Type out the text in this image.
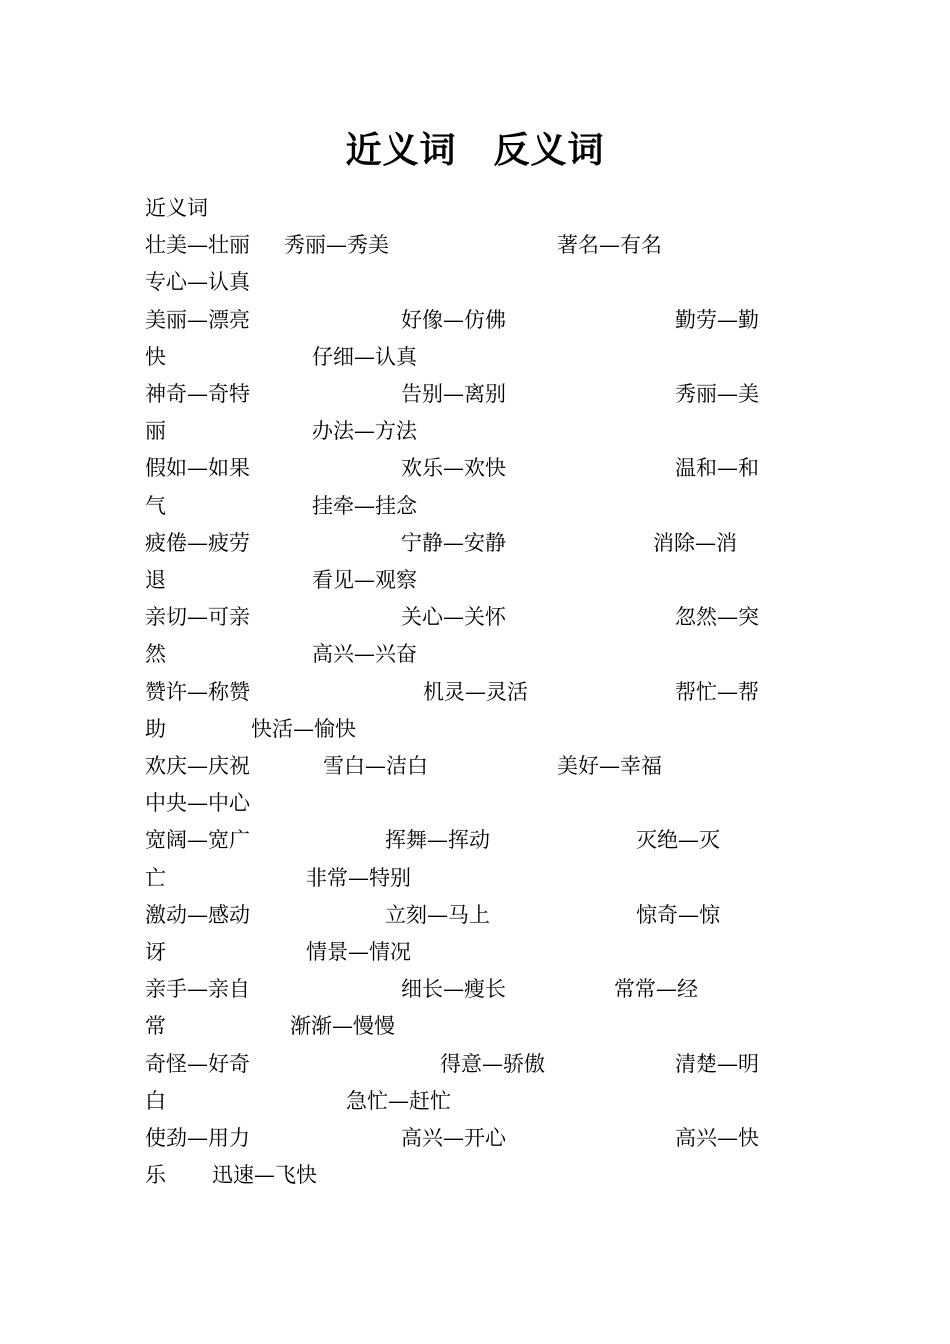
近义词　反义词
近义词
壮美—壮丽 秀丽—秀美	著名—有名
专心—认真
美丽—漂亮	好像—仿佛	勤劳—勤
快	仔细—认真
神奇—奇特	告别—离别	秀丽—美
丽	办法—方法
假如—如果	欢乐—欢快	温和—和
气	挂牵—挂念
疲倦—疲劳	宁静—安静	消除—消
退	看见—观察
亲切—可亲	关心—关怀	忽然—突
然	高兴—兴奋
赞许—称赞	机灵—灵活	帮忙—帮
助	快活—愉快
欢庆—庆祝	雪白—洁白	美好—幸福
中央—中心
宽阔—宽广	挥舞—挥动	灭绝—灭
亡	非常—特别
激动—感动	立刻—马上	惊奇—惊
讶	情景—情况
亲手—亲自	细长—瘦长	常常—经
常	渐渐—慢慢
奇怪—好奇	得意—骄傲	清楚—明
白	急忙—赶忙
使劲—用力	高兴—开心	高兴—快
乐 迅速—飞快
